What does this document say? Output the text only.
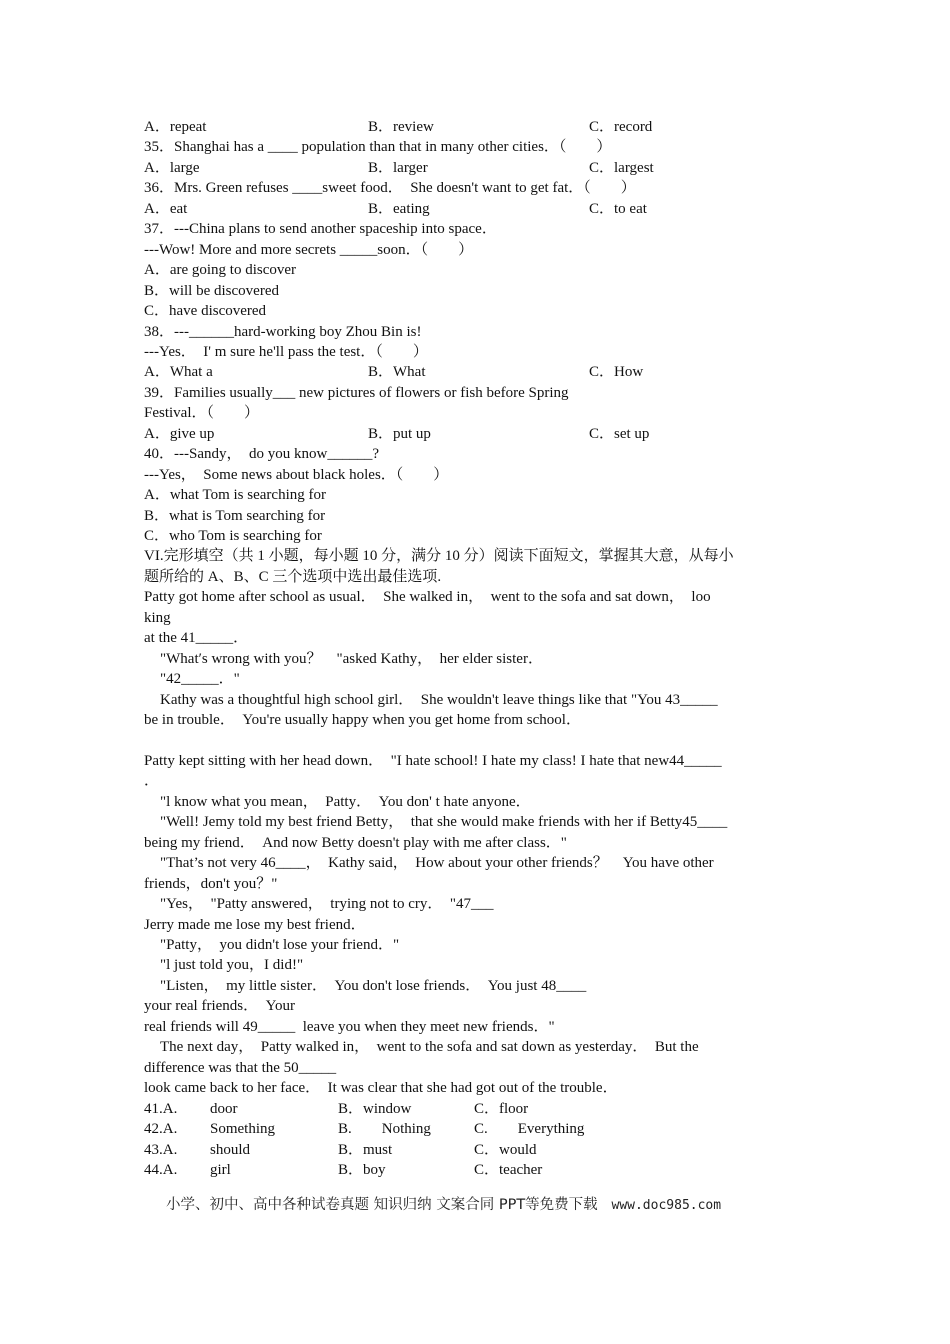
A．repeat	B．review	C．record
35．Shanghai has a ____ population than that in many other cities．（　　）
A．large	B．larger	C．largest
36．Mrs. Green refuses ____sweet food．　She doesn't want to get fat．（　　）
A．eat	B．eating	C．to eat
37．---China plans to send another spaceship into space．
---Wow! More and more secrets _____soon．（　　）
A．are going to discover
B．will be discovered
C．have discovered
38．---______hard-working boy Zhou Bin is!
---Yes．　I' m sure he'll pass the test．（　　）
A．What a	B．What	C．How
39．Families usually___ new pictures of flowers or fish before Spring
Festival．（　　）
A．give up	B．put up	C．set up
40．---Sandy，　do you know______?
---Yes，　Some news about black holes．（　　）
A．what Tom is searching for
B．what is Tom searching for
C．who Tom is searching for
VI.完形填空（共 1 小题，每小题 10 分，满分 10 分）阅读下面短文，掌握其大意，从每小
题所给的 A、B、C 三个选项中选出最佳选项.
Patty got home after school as usual．　She walked in，　went to the sofa and sat down，　loo
king
at the 41_____．
"What′s wrong with you？　"asked Kathy，　her elder sister．
"42_____．"
Kathy was a thoughtful high school girl．　She wouldn't leave things like that "You 43_____
be in trouble．　You're usually happy when you get home from school．
Patty kept sitting with her head down．　"I hate school! I hate my class! I hate that new44_____
．
"l know what you mean，　Patty．　You don' t hate anyone．
"Well! Jemy told my best friend Betty，　that she would make friends with her if Betty45____
being my friend．　And now Betty doesn't play with me after class．"
"That’s not very 46____，　Kathy said，　How about your other friends？　You have other
friends，don't you？"
"Yes，　"Patty answered，　trying not to cry．　"47___
Jerry made me lose my best friend．
"Patty，　you didn't lose your friend．"
"l just told you，I did!"
"Listen，　my little sister．　You don't lose friends．　You just 48____
your real friends．　Your
real friends will 49_____  leave you when they meet new friends．"
The next day，　Patty walked in，　went to the sofa and sat down as yesterday．　But the
difference was that the 50_____
look came back to her face．　It was clear that she had got out of the trouble．
41.A. door	B．window	C．floor
42.A. Something	B.　　Nothing	C.　　Everything
43.A. should	B．must	C．would
44.A. girl	B．boy	C．teacher
小学、初中、高中各种试卷真题 知识归纳 文案合同 PPT等免费下载 www.doc985.com
